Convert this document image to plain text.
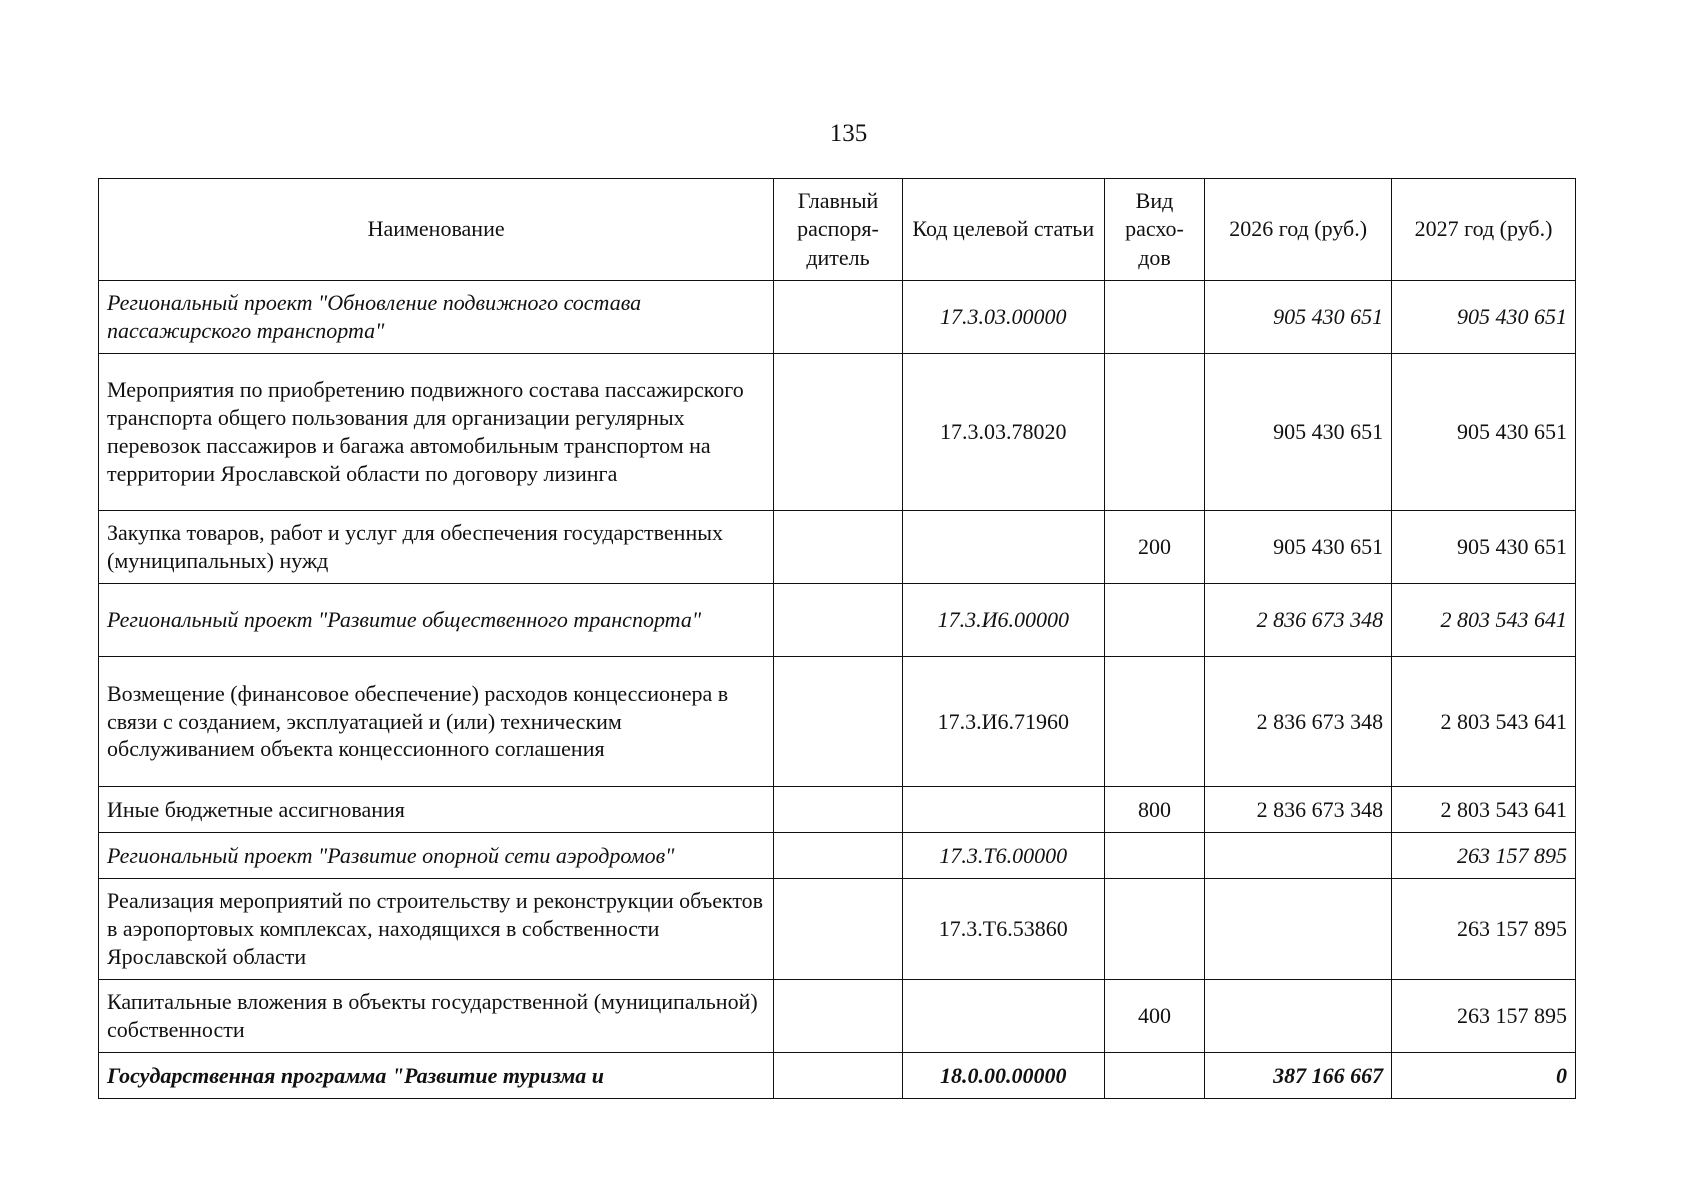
135
Наименование	Главный распоря-дитель	Код целевой статьи	Вид расхо-дов	2026 год (руб.)	2027 год (руб.)
Региональный проект "Обновление подвижного состава пассажирского транспорта"		17.3.03.00000		905 430 651	905 430 651
Мероприятия по приобретению подвижного состава пассажирского транспорта общего пользования для организации регулярных перевозок пассажиров и багажа автомобильным транспортом на территории Ярославской области по договору лизинга		17.3.03.78020		905 430 651	905 430 651
Закупка товаров, работ и услуг для обеспечения государственных (муниципальных) нужд			200	905 430 651	905 430 651
Региональный проект "Развитие общественного транспорта"		17.3.И6.00000		2 836 673 348	2 803 543 641
Возмещение (финансовое обеспечение) расходов концессионера в связи с созданием, эксплуатацией и (или) техническим обслуживанием объекта концессионного соглашения		17.3.И6.71960		2 836 673 348	2 803 543 641
Иные бюджетные ассигнования			800	2 836 673 348	2 803 543 641
Региональный проект "Развитие опорной сети аэродромов"		17.3.Т6.00000			263 157 895
Реализация мероприятий по строительству и реконструкции объектов в аэропортовых комплексах, находящихся в собственности Ярославской области		17.3.Т6.53860			263 157 895
Капитальные вложения в объекты государственной (муниципальной) собственности			400		263 157 895
Государственная программа "Развитие туризма и		18.0.00.00000		387 166 667	0
